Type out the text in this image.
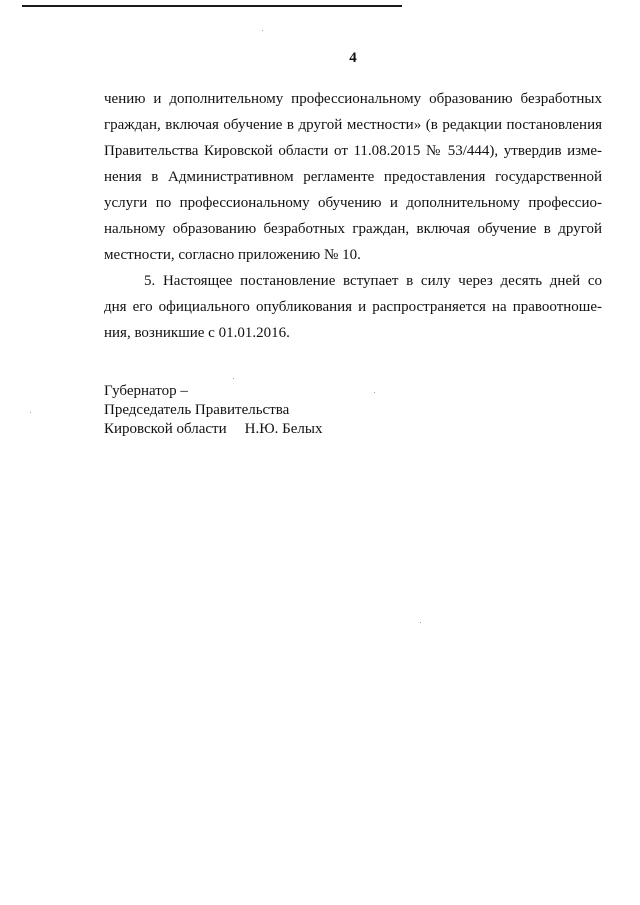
4

чению и дополнительному профессиональному образованию безработных
граждан, включая обучение в другой местности» (в редакции постановления
Правительства Кировской области от 11.08.2015 № 53/444), утвердив изме-
нения в Административном регламенте предоставления государственной
услуги по профессиональному обучению и дополнительному профессио-
нальному образованию безработных граждан, включая обучение в другой
местности, согласно приложению № 10.

5. Настоящее постановление вступает в силу через десять дней со
дня его официального опубликования и распространяется на правоотноше-
ния, возникшие с 01.01.2016.

Губернатор –
Председатель Правительства
Кировской области Н.Ю. Белых
